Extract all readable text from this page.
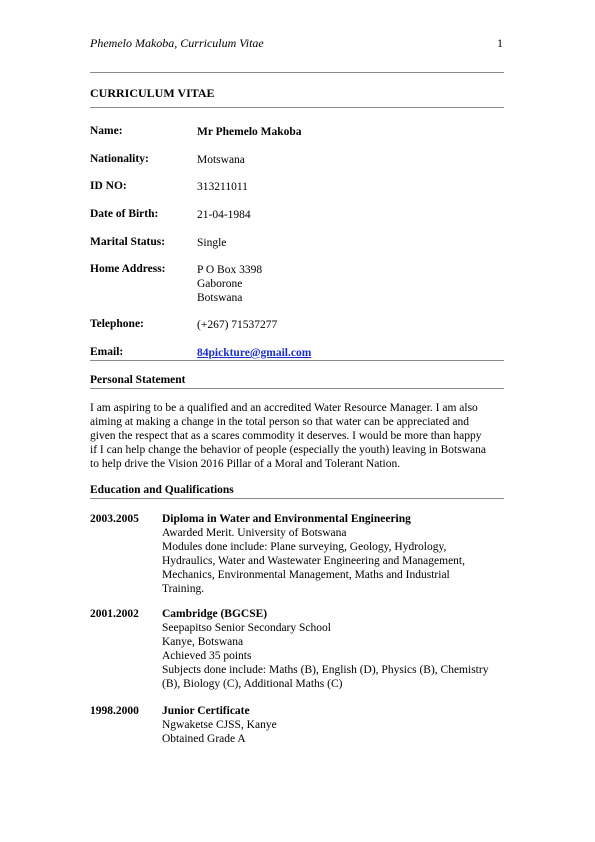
Phemelo Makoba, Curriculum Vitae	1
CURRICULUM VITAE
Name:	Mr Phemelo Makoba
Nationality:	Motswana
ID NO:	313211011
Date of Birth:	21-04-1984
Marital Status:	Single
Home Address:	P O Box 3398
Gaborone
Botswana
Telephone:	(+267) 71537277
Email:	84pickture@gmail.com
Personal Statement
I am aspiring to be a qualified and an accredited Water Resource Manager. I am also
aiming at making a change in the total person so that water can be appreciated and
given the respect that as a scares commodity it deserves. I would be more than happy
if I can help change the behavior of people (especially the youth) leaving in Botswana
to help drive the Vision 2016 Pillar of a Moral and Tolerant Nation.
Education and Qualifications
2003.2005 Diploma in Water and Environmental Engineering
Awarded Merit. University of Botswana
Modules done include: Plane surveying, Geology, Hydrology,
Hydraulics, Water and Wastewater Engineering and Management,
Mechanics, Environmental Management, Maths and Industrial
Training.
2001.2002 Cambridge (BGCSE)
Seepapitso Senior Secondary School
Kanye, Botswana
Achieved 35 points
Subjects done include: Maths (B), English (D), Physics (B), Chemistry
(B), Biology (C), Additional Maths (C)
1998.2000 Junior Certificate
Ngwaketse CJSS, Kanye
Obtained Grade A
